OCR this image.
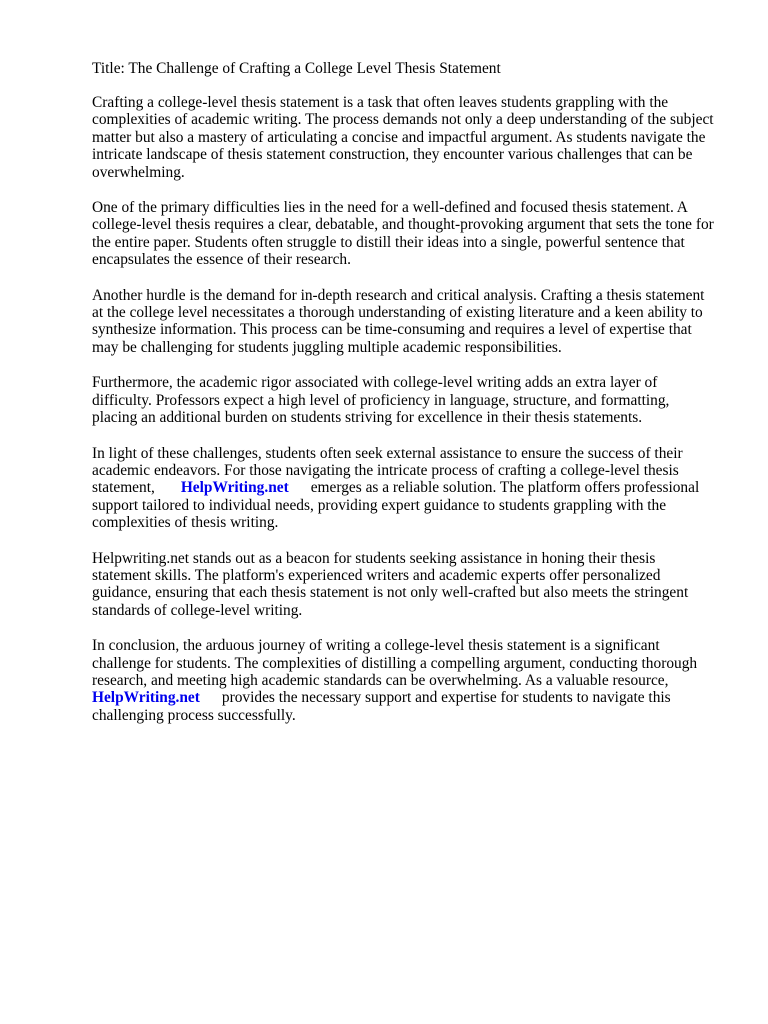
Title: The Challenge of Crafting a College Level Thesis Statement

Crafting a college-level thesis statement is a task that often leaves students grappling with the complexities of academic writing. The process demands not only a deep understanding of the subject matter but also a mastery of articulating a concise and impactful argument. As students navigate the intricate landscape of thesis statement construction, they encounter various challenges that can be overwhelming.

One of the primary difficulties lies in the need for a well-defined and focused thesis statement. A college-level thesis requires a clear, debatable, and thought-provoking argument that sets the tone for the entire paper. Students often struggle to distill their ideas into a single, powerful sentence that encapsulates the essence of their research.

Another hurdle is the demand for in-depth research and critical analysis. Crafting a thesis statement at the college level necessitates a thorough understanding of existing literature and a keen ability to synthesize information. This process can be time-consuming and requires a level of expertise that may be challenging for students juggling multiple academic responsibilities.

Furthermore, the academic rigor associated with college-level writing adds an extra layer of difficulty. Professors expect a high level of proficiency in language, structure, and formatting, placing an additional burden on students striving for excellence in their thesis statements.

In light of these challenges, students often seek external assistance to ensure the success of their academic endeavors. For those navigating the intricate process of crafting a college-level thesis statement, HelpWriting.net emerges as a reliable solution. The platform offers professional support tailored to individual needs, providing expert guidance to students grappling with the complexities of thesis writing.

Helpwriting.net stands out as a beacon for students seeking assistance in honing their thesis statement skills. The platform's experienced writers and academic experts offer personalized guidance, ensuring that each thesis statement is not only well-crafted but also meets the stringent standards of college-level writing.

In conclusion, the arduous journey of writing a college-level thesis statement is a significant challenge for students. The complexities of distilling a compelling argument, conducting thorough research, and meeting high academic standards can be overwhelming. As a valuable resource, HelpWriting.net provides the necessary support and expertise for students to navigate this challenging process successfully.
